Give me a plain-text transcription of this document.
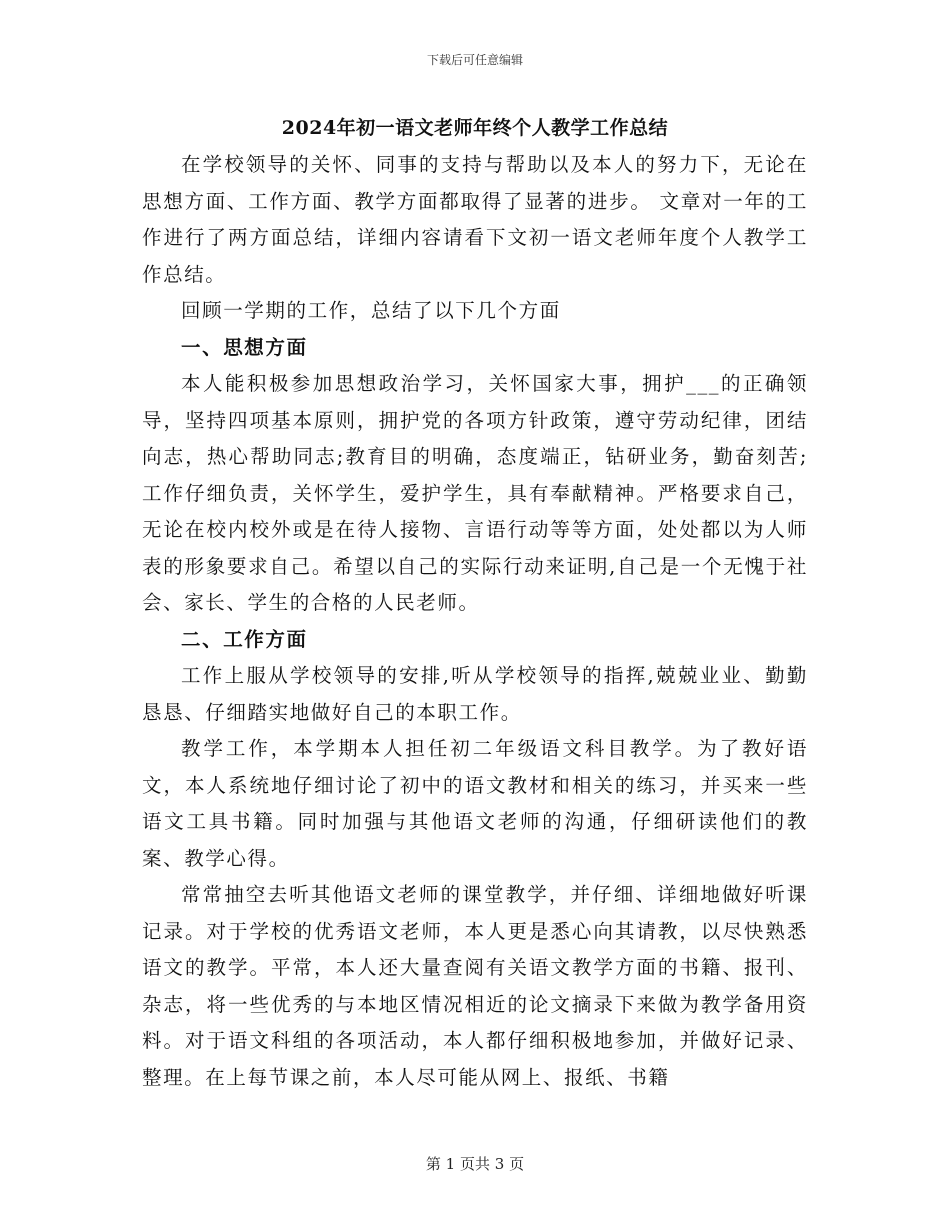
下载后可任意编辑
2024年初一语文老师年终个人教学工作总结

在学校领导的关怀、同事的支持与帮助以及本人的努力下，无论在思想方面、工作方面、教学方面都取得了显著的进步。 文章对一年的工作进行了两方面总结，详细内容请看下文初一语文老师年度个人教学工作总结。

回顾一学期的工作，总结了以下几个方面

一、思想方面

本人能积极参加思想政治学习，关怀国家大事，拥护___的正确领导，坚持四项基本原则，拥护党的各项方针政策，遵守劳动纪律，团结向志，热心帮助同志;教育目的明确，态度端正，钻研业务，勤奋刻苦;工作仔细负责，关怀学生，爱护学生，具有奉献精神。严格要求自己，无论在校内校外或是在待人接物、言语行动等等方面，处处都以为人师表的形象要求自己。希望以自己的实际行动来证明,自己是一个无愧于社会、家长、学生的合格的人民老师。

二、工作方面

工作上服从学校领导的安排,听从学校领导的指挥,兢兢业业、勤勤恳恳、仔细踏实地做好自己的本职工作。

教学工作，本学期本人担任初二年级语文科目教学。为了教好语文，本人系统地仔细讨论了初中的语文教材和相关的练习，并买来一些语文工具书籍。同时加强与其他语文老师的沟通，仔细研读他们的教案、教学心得。

常常抽空去听其他语文老师的课堂教学，并仔细、详细地做好听课记录。对于学校的优秀语文老师，本人更是悉心向其请教，以尽快熟悉语文的教学。平常，本人还大量查阅有关语文教学方面的书籍、报刊、杂志，将一些优秀的与本地区情况相近的论文摘录下来做为教学备用资料。对于语文科组的各项活动，本人都仔细积极地参加，并做好记录、整理。在上每节课之前，本人尽可能从网上、报纸、书籍

第 1 页共 3 页
